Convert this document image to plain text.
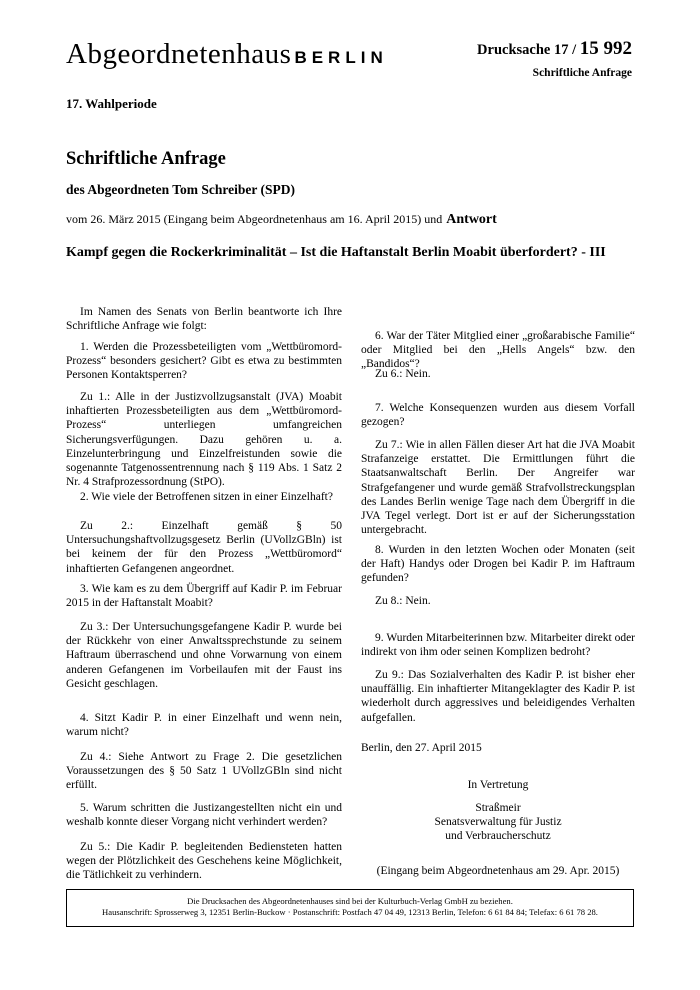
Abgeordnetenhaus BERLIN	Drucksache 17 / 15 992
Schriftliche Anfrage
17. Wahlperiode
Schriftliche Anfrage
des Abgeordneten Tom Schreiber (SPD)
vom 26. März 2015 (Eingang beim Abgeordnetenhaus am 16. April 2015) und Antwort
Kampf gegen die Rockerkriminalität – Ist die Haftanstalt Berlin Moabit überfordert? - III

Im Namen des Senats von Berlin beantworte ich Ihre Schriftliche Anfrage wie folgt:

1. Werden die Prozessbeteiligten vom „Wettbüromord-Prozess“ besonders gesichert? Gibt es etwa zu bestimmten Personen Kontaktsperren?

Zu 1.: Alle in der Justizvollzugsanstalt (JVA) Moabit inhaftierten Prozessbeteiligten aus dem „Wettbüromord-Prozess“ unterliegen umfangreichen Sicherungsverfügungen. Dazu gehören u. a. Einzelunterbringung und Einzelfreistunden sowie die sogenannte Tatgenossentrennung nach § 119 Abs. 1 Satz 2 Nr. 4 Strafprozessordnung (StPO).

2. Wie viele der Betroffenen sitzen in einer Einzelhaft?

Zu 2.: Einzelhaft gemäß § 50 Untersuchungshaftvollzugsgesetz Berlin (UVollzGBln) ist bei keinem der für den Prozess „Wettbüromord“ inhaftierten Gefangenen angeordnet.

3. Wie kam es zu dem Übergriff auf Kadir P. im Februar 2015 in der Haftanstalt Moabit?

Zu 3.: Der Untersuchungsgefangene Kadir P. wurde bei der Rückkehr von einer Anwaltssprechstunde zu seinem Haftraum überraschend und ohne Vorwarnung von einem anderen Gefangenen im Vorbeilaufen mit der Faust ins Gesicht geschlagen.

4. Sitzt Kadir P. in einer Einzelhaft und wenn nein, warum nicht?

Zu 4.: Siehe Antwort zu Frage 2. Die gesetzlichen Voraussetzungen des § 50 Satz 1 UVollzGBln sind nicht erfüllt.

5. Warum schritten die Justizangestellten nicht ein und weshalb konnte dieser Vorgang nicht verhindert werden?

Zu 5.: Die Kadir P. begleitenden Bediensteten hatten wegen der Plötzlichkeit des Geschehens keine Möglichkeit, die Tätlichkeit zu verhindern.

6. War der Täter Mitglied einer „großarabische Familie“ oder Mitglied bei den „Hells Angels“ bzw. den „Bandidos“?

Zu 6.: Nein.

7. Welche Konsequenzen wurden aus diesem Vorfall gezogen?

Zu 7.: Wie in allen Fällen dieser Art hat die JVA Moabit Strafanzeige erstattet. Die Ermittlungen führt die Staatsanwaltschaft Berlin. Der Angreifer war Strafgefangener und wurde gemäß Strafvollstreckungsplan des Landes Berlin wenige Tage nach dem Übergriff in die JVA Tegel verlegt. Dort ist er auf der Sicherungsstation untergebracht.

8. Wurden in den letzten Wochen oder Monaten (seit der Haft) Handys oder Drogen bei Kadir P. im Haftraum gefunden?

Zu 8.: Nein.

9. Wurden Mitarbeiterinnen bzw. Mitarbeiter direkt oder indirekt von ihm oder seinen Komplizen bedroht?

Zu 9.: Das Sozialverhalten des Kadir P. ist bisher eher unauffällig. Ein inhaftierter Mitangeklagter des Kadir P. ist wiederholt durch aggressives und beleidigendes Verhalten aufgefallen.

Berlin, den 27. April 2015
In Vertretung
Straßmeir
Senatsverwaltung für Justiz
und Verbraucherschutz
(Eingang beim Abgeordnetenhaus am 29. Apr. 2015)
Die Drucksachen des Abgeordnetenhauses sind bei der Kulturbuch-Verlag GmbH zu beziehen.
Hausanschrift: Sprosserweg 3, 12351 Berlin-Buckow · Postanschrift: Postfach 47 04 49, 12313 Berlin, Telefon: 6 61 84 84; Telefax: 6 61 78 28.
